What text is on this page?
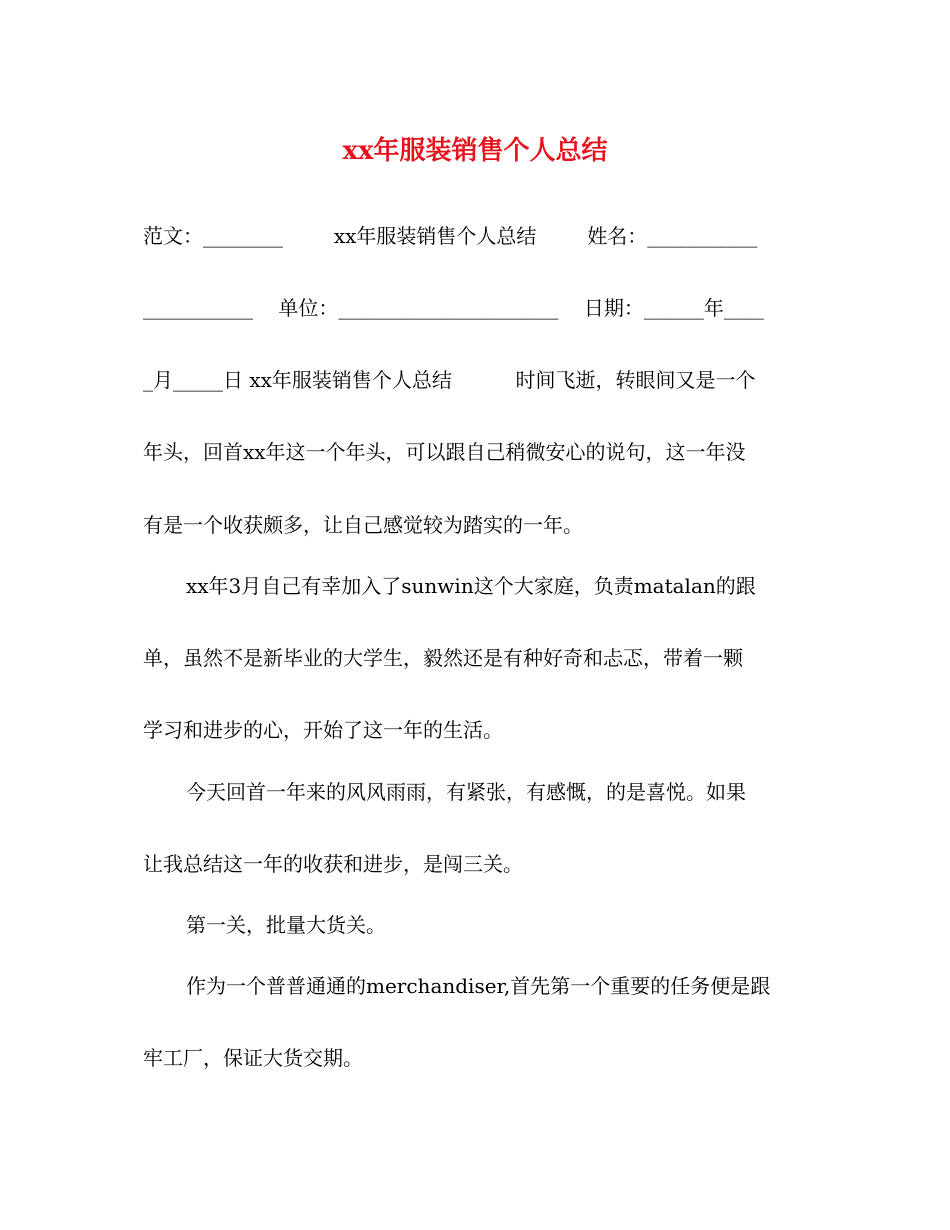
xx年服装销售个人总结
范文：________        xx年服装销售个人总结        姓名：___________
___________    单位：______________________    日期：______年____
_月_____日 xx年服装销售个人总结          时间飞逝，转眼间又是一个
年头，回首xx年这一个年头，可以跟自己稍微安心的说句，这一年没
有是一个收获颇多，让自己感觉较为踏实的一年。
xx年3月自己有幸加入了sunwin这个大家庭，负责matalan的跟
单，虽然不是新毕业的大学生，毅然还是有种好奇和忐忑，带着一颗
学习和进步的心，开始了这一年的生活。
今天回首一年来的风风雨雨，有紧张，有感慨，的是喜悦。如果
让我总结这一年的收获和进步，是闯三关。
第一关，批量大货关。
作为一个普普通通的merchandiser,首先第一个重要的任务便是跟
牢工厂，保证大货交期。
